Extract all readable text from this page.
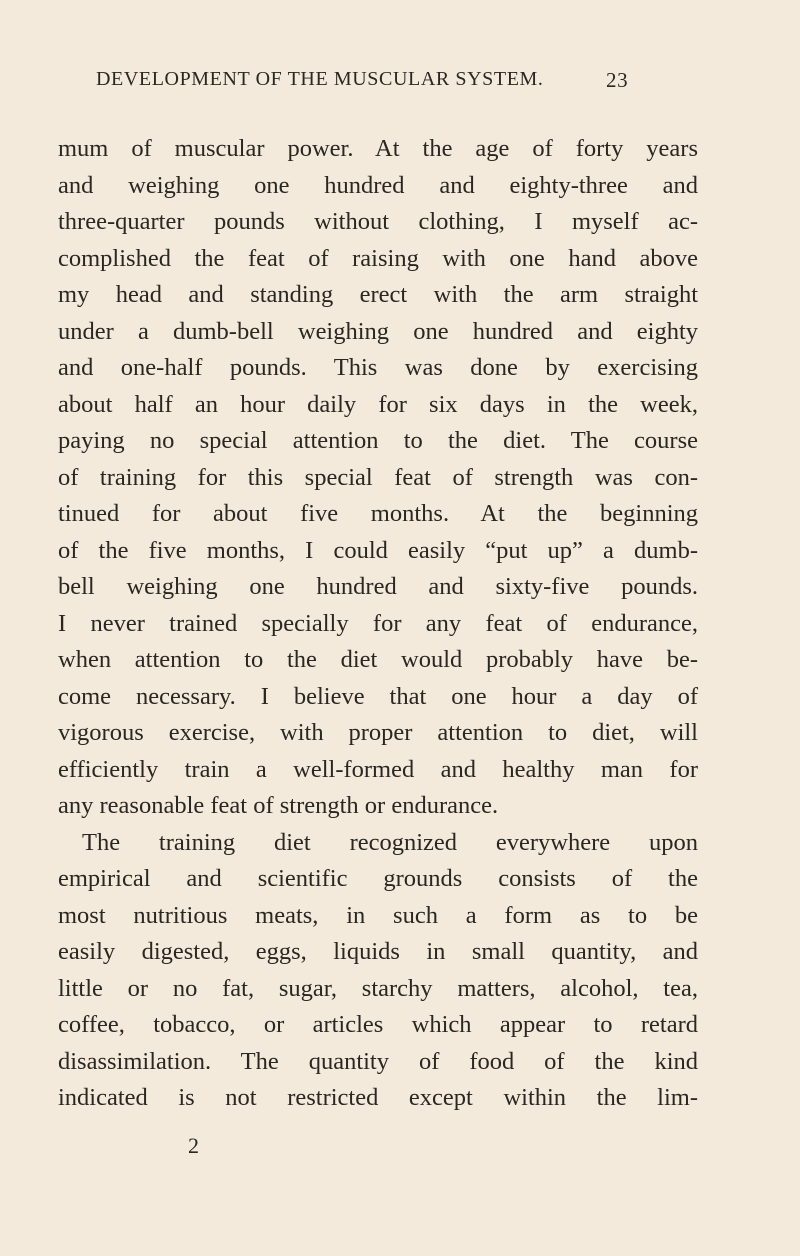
DEVELOPMENT OF THE MUSCULAR SYSTEM.	23
mum of muscular power. At the age of forty years
and weighing one hundred and eighty-three and
three-quarter pounds without clothing, I myself ac-
complished the feat of raising with one hand above
my head and standing erect with the arm straight
under a dumb-bell weighing one hundred and eighty
and one-half pounds. This was done by exercising
about half an hour daily for six days in the week,
paying no special attention to the diet. The course
of training for this special feat of strength was con-
tinued for about five months. At the beginning
of the five months, I could easily “put up” a dumb-
bell weighing one hundred and sixty-five pounds.
I never trained specially for any feat of endurance,
when attention to the diet would probably have be-
come necessary. I believe that one hour a day of
vigorous exercise, with proper attention to diet, will
efficiently train a well-formed and healthy man for
any reasonable feat of strength or endurance.
The training diet recognized everywhere upon
empirical and scientific grounds consists of the
most nutritious meats, in such a form as to be
easily digested, eggs, liquids in small quantity, and
little or no fat, sugar, starchy matters, alcohol, tea,
coffee, tobacco, or articles which appear to retard
disassimilation. The quantity of food of the kind
indicated is not restricted except within the lim-
2
